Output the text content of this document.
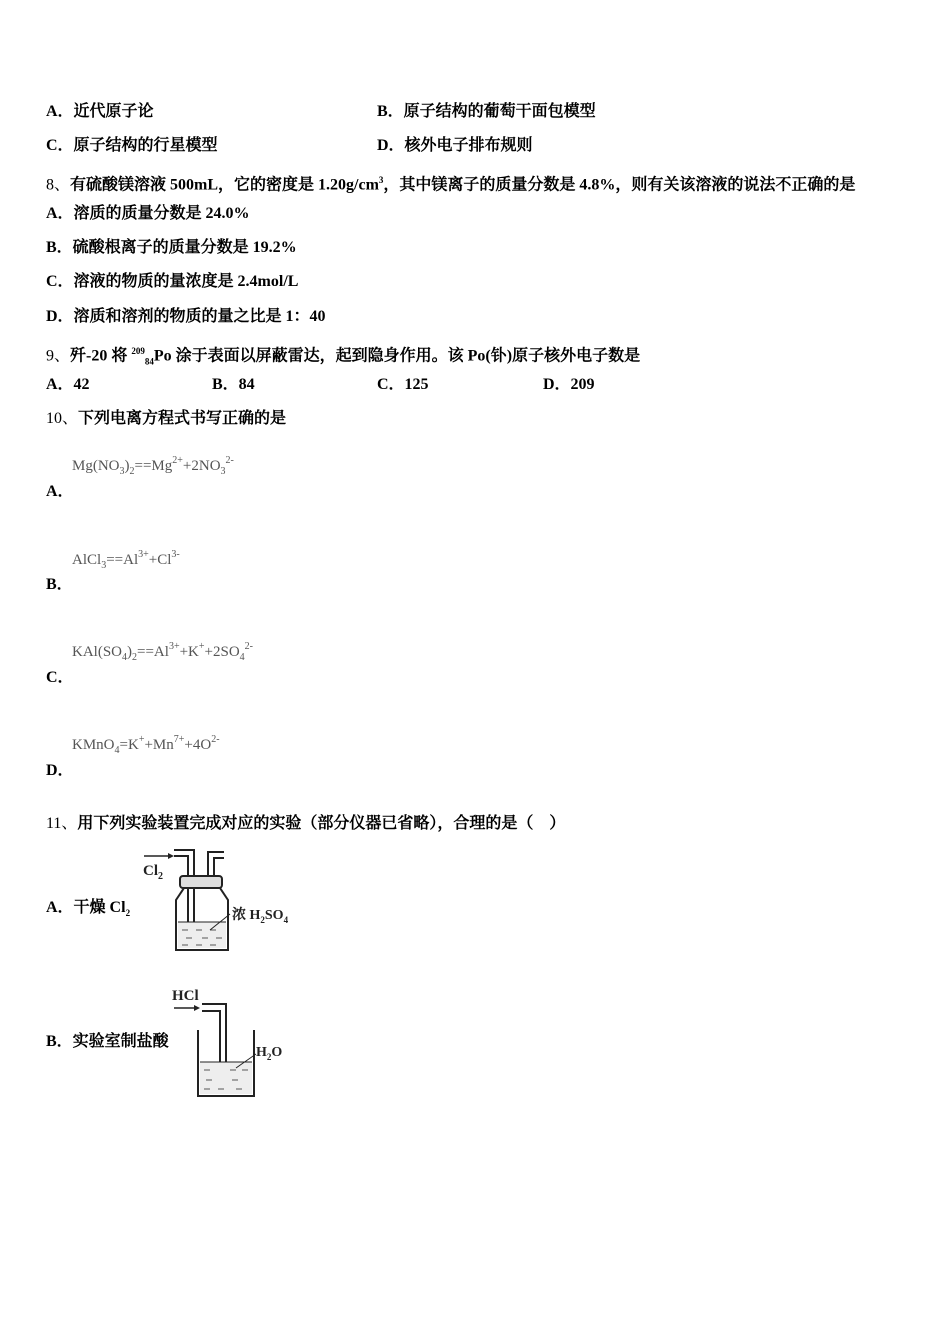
A．近代原子论	B．原子结构的葡萄干面包模型
C．原子结构的行星模型	D．核外电子排布规则
8、有硫酸镁溶液 500mL，它的密度是 $1.20g/cm^3$，其中镁离子的质量分数是 4.8%，则有关该溶液的说法不正确的是
A．溶质的质量分数是 24.0%
B．硫酸根离子的质量分数是 19.2%
C．溶液的物质的量浓度是 2.4mol/L
D．溶质和溶剂的物质的量之比是 1：40
9、歼-20 将 $^{209}_{84}$Po 涂于表面以屏蔽雷达，起到隐身作用。该 Po(钋)原子核外电子数是
A．42	B．84	C．125	D．209
10、下列电离方程式书写正确的是
$Mg(NO_3)_2==Mg^{2+}+2NO_3^{2-}$
A．
$AlCl_3==Al^{3+}+Cl^{3-}$
B．
$KAl(SO_4)_2==Al^{3+}+K^++2SO_4^{2-}$
C．
$KMnO_4=K^++Mn^{7+}+4O^{2-}$
D．
11、用下列实验装置完成对应的实验（部分仪器已省略），合理的是（　）
A．干燥 $Cl_2$
$Cl_2$
浓 $H_2SO_4$
B．实验室制盐酸
HCl
$H_2O$
